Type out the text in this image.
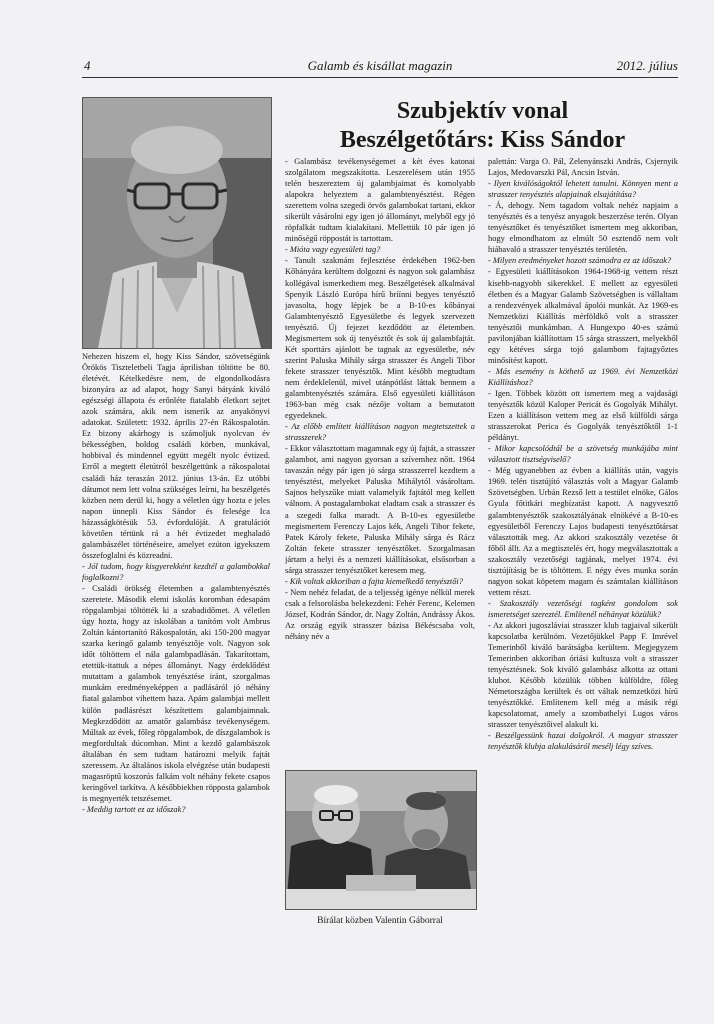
4	Galamb és kisállat magazin	2012. július
Szubjektív vonal
Beszélgetőtárs: Kiss Sándor

Nehezen hiszem el, hogy Kiss Sándor, szövetségünk Örökös Tiszteletbeli Tagja áprilisban töltötte be 80. életévét. Kételkedésre nem, de elgondolkodásra bizonyára az ad alapot, hogy Sanyi bátyánk kiváló egészségi állapota és erőnléte fiatalabb életkort sejtet azok számára, akik nem ismerik az anyakönyvi adatokat. Született: 1932. április 27-én Rákospalotán. Ez bizony akárhogy is számoljuk nyolcvan év békességben, boldog családi körben, munkával, hobbival és mindennel együtt megélt nyolc évtized. Erről a megtett életútról beszélgettünk a rákospalotai családi ház teraszán 2012. június 13-án. Ez utóbbi dátumot nem lett volna szükséges leírni, ha beszélgetés közben nem derül ki, hogy a véletlen úgy hozta e jeles napon ünnepli Kiss Sándor és felesége Ica házasságkötésük 53. évfordulóját. A gratulációt követően tértünk rá a hét évtizedet meghaladó galambászélet történéseire, amelyet ezúton igyekszem összefoglalni és közreadni.

- Jól tudom, hogy kisgyerekként kezdtél a galambokkal foglalkozni?

- Családi örökség életemben a galambtenyésztés szeretete. Második elemi iskolás koromban édesapám röpgalambjai töltötték ki a szabadidőmet. A véletlen úgy hozta, hogy az iskolában a tanítóm volt Ambrus Zoltán kántortanító Rákospalotán, aki 150-200 magyar szarka keringő galamb tenyésztője volt. Nagyon sok időt töltöttem el nála galambpadlásán. Takarítottam, etettük-itattuk a népes állományt. Nagy érdeklődést mutattam a galambok tenyésztése iránt, szorgalmas munkám eredményeképpen a padlásáról jó néhány fiatal galambot vihettem haza. Apám galambjai mellett külön padlásrészt készítettem galambjaimnak. Megkezdődött az amatőr galambász tevékenységem. Múltak az évek, főleg röpgalambok, de díszgalambok is megfordultak dúcomban. Mint a kezdő galambászok általában én sem tudtam határozni melyik fajtát szeressem. Az általános iskola elvégzése után budapesti magasröptű koszorús falkám volt néhány fekete csapos keringővel tarkítva. A későbbiekben röpposta galambok is megnyerték tetszésemet.

- Meddig tartott ez az időszak?

- Galambász tevékenységemet a két éves katonai szolgálatom megszakította. Leszerelésem után 1955 telén beszereztem új galambjaimat és komolyabb alapokra helyeztem a galambtenyésztést. Régen szerettem volna szegedi örvös galambokat tartani, ekkor sikerült vásárolni egy igen jó állományt, melyből egy jó röpfalkát tudtam kialakítani. Mellettük 10 pár igen jó minőségű röppostát is tartottam.

- Mióta vagy egyesületi tag?

- Tanult szakmám fejlesztése érdekében 1962-ben Kőbányára kerültem dolgozni és nagyon sok galambász kollégával ismerkedtem meg. Beszélgetések alkalmával Spenyik László Európa hírű bríínni begyes tenyésztő javasolta, hogy lépjek be a B-10-es kőbányai Galambtenyésztő Egyesületbe és legyek szervezett tenyésztő. Új fejezet kezdődött az életemben. Megismertem sok új tenyésztőt és sok új galambfajtát. Két sporttárs ajánlott be tagnak az egyesületbe, név szerint Paluska Mihály sárga strasszer és Angeli Tibor fekete strasszer tenyésztők. Mint később megtudtam nem érdeklelenül, mivel utánpótlást láttak bennem a galambtenyésztés számára. Első egyesületi kiállításon 1963-ban még csak nézője voltam a bemutatott egyedeknek.

- Az előbb említett kiállításon nagyon megtetszettek a strasszerek?

- Ekkor választottam magamnak egy új fajtát, a strasszer galambot, ami nagyon gyorsan a szívemhez nőtt. 1964 tavaszán négy pár igen jó sárga strasszerrel kezdtem a tenyésztést, melyeket Paluska Mihálytól vásároltam. Sajnos helyszűke miatt valamelyik fajtától meg kellett válnom. A postagalambokat eladtam csak a strasszer és a szegedi falka maradt. A B-10-es egyesületbe megismertem Ferenczy Lajos kék, Angeli Tibor fekete, Patek Károly fekete, Paluska Mihály sárga és Rácz Zoltán fekete strasszer tenyésztőket. Szorgalmasan jártam a helyi és a nemzeti kiállításokat, elsősorban a sárga strasszer tenyésztőket keresem meg.

- Kik voltak akkoriban a fajta kiemelkedő tenyésztői?

- Nem nehéz feladat, de a teljesség igénye nélkül merek csak a felsorolásba belekezdeni: Fehér Ferenc, Kelemen József, Kodrán Sándor, dr. Nagy Zoltán, Andrássy Ákos. Az ország egyik strasszer bázisa Békéscsaba volt, néhány név a

Bírálat közben Valentin Gáborral

palettán: Varga O. Pál, Zelenyánszki András, Csjernyik Lajos, Medovarszki Pál, Ancsin István.

- Ilyen kiválóságoktól lehetett tanulni. Könnyen ment a strasszer tenyésztés alapjainak elsajátítása?

- Á, dehogy. Nem tagadom voltak nehéz napjaim a tenyésztés és a tenyész anyagok beszerzése terén. Olyan tenyésztőket és tenyésztőket ismertem meg akkoriban, hogy elmondhatom az elmúlt 50 esztendő nem volt hiábavaló a strasszer tenyésztés területén.

- Milyen eredményeket hozott számodra ez az időszak?

- Egyesületi kiállításokon 1964-1968-ig vettem részt kisebb-nagyobb sikerekkel. E mellett az egyesületi életben és a Magyar Galamb Szövetségben is vállaltam a rendezvények alkalmával ápolói munkát. Az 1969-es Nemzetközi Kiállítás mérföldkő volt a strasszer tenyésztői munkámban. A Hungexpo 40-es számú pavilonjában kiállítottam 15 sárga strasszert, melyekből egy kétéves sárga tojó galambom fajtagyőztes minősítést kapott.

- Más esemény is köthető az 1969. évi Nemzetközi Kiállításhoz?

- Igen. Többek között ott ismertem meg a vajdasági tenyésztők közül Kaloper Pericát és Gogolyák Mihályt. Ezen a kiállításon vettem meg az első külföldi sárga strasszerokat Perica és Gogolyák tenyésztőktől 1-1 példányt.

- Mikor kapcsolódtál be a szövetség munkájába mint választott tisztségviselő?

- Még ugyanebben az évben a kiállítás után, vagyis 1969. telén tisztújító választás volt a Magyar Galamb Szövetségben. Urbán Rezső lett a testület elnöke, Gálos Gyula főtitkári megbízatást kapott. A nagyvesztő galambtenyésztők szakosztályának elnökévé a B-10-es egyesületből Ferenczy Lajos budapesti tenyésztőtársat választották meg. Az akkori szakosztály vezetése őt főből állt. Az a megtisztelés ért, hogy megválasztottak a szakosztály vezetőségi tagjának, melyet 1974. évi tisztújításig be is töltöttem. E négy éves munka során nagyon sokat köpetem magam és számtalan kiállításon vettem részt.

- Szakosztály vezetőségi tagként gondolom sok ismeretséget szereztél. Említenél néhányat közülük?

- Az akkori jugoszláviai strasszer klub tagjaival sikerült kapcsolatba kerülnöm. Vezetőjükkel Papp F. Imrével Temerinből kiváló barátságba kerültem. Megjegyzem Temerinben akkoriban óriási kultusza volt a strasszer tenyésztésnek. Sok kiváló galambász alkotta az ottani klubot. Később közülük többen külföldre, főleg Németországba kerültek és ott váltak nemzetközi hírű tenyésztőkké. Említenem kell még a másik régi kapcsolatomat, amely a szombathelyi Lugos város strasszer tenyésztőivel alakult ki.

- Beszélgessünk hazai dolgokról. A magyar strasszer tenyésztők klubja alakulásáról mesélj légy szíves.
